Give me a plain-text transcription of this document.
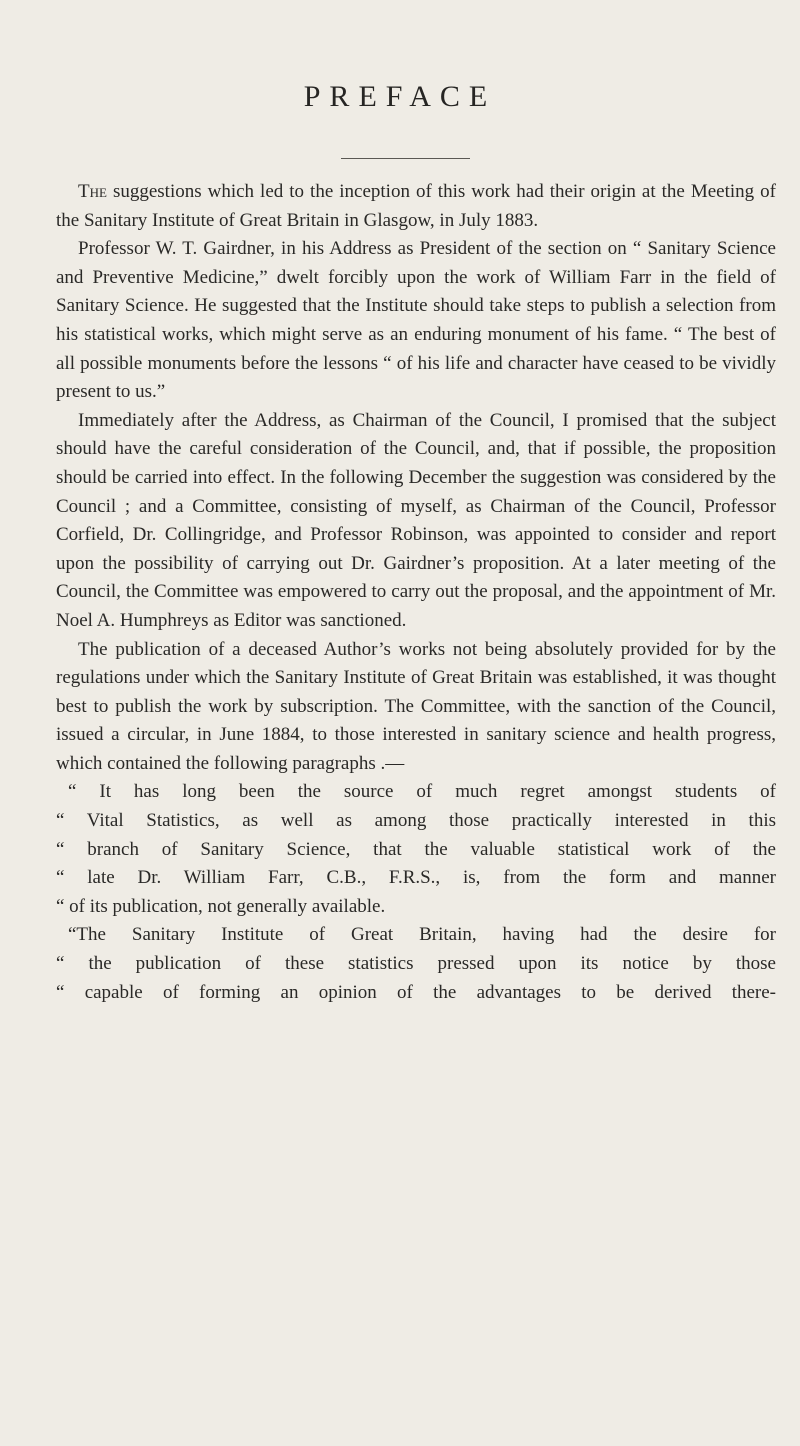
PREFACE

The suggestions which led to the inception of this work had their origin at the Meeting of the Sanitary Institute of Great Britain in Glasgow, in July 1883.

Professor W. T. Gairdner, in his Address as President of the section on “ Sanitary Science and Preventive Medicine,” dwelt forcibly upon the work of William Farr in the field of Sanitary Science. He suggested that the Institute should take steps to publish a selection from his statistical works, which might serve as an enduring monument of his fame. “ The best of all possible monuments before the lessons “ of his life and character have ceased to be vividly present to us.”

Immediately after the Address, as Chairman of the Council, I promised that the subject should have the careful consideration of the Council, and, that if possible, the proposition should be carried into effect. In the following December the suggestion was considered by the Council ; and a Committee, consisting of myself, as Chairman of the Council, Professor Corfield, Dr. Collingridge, and Professor Robinson, was appointed to consider and report upon the possibility of carrying out Dr. Gairdner’s proposition. At a later meeting of the Council, the Committee was empowered to carry out the proposal, and the appointment of Mr. Noel A. Humphreys as Editor was sanctioned.

The publication of a deceased Author’s works not being absolutely provided for by the regulations under which the Sanitary Institute of Great Britain was established, it was thought best to publish the work by subscription. The Committee, with the sanction of the Council, issued a circular, in June 1884, to those interested in sanitary science and health progress, which contained the following paragraphs .—

“ It has long been the source of much regret amongst students of
“ Vital Statistics, as well as among those practically interested in this
“ branch of Sanitary Science, that the valuable statistical work of the
“ late Dr. William Farr, C.B., F.R.S., is, from the form and manner
“ of its publication, not generally available.
“The Sanitary Institute of Great Britain, having had the desire for
“ the publication of these statistics pressed upon its notice by those
“ capable of forming an opinion of the advantages to be derived there-
